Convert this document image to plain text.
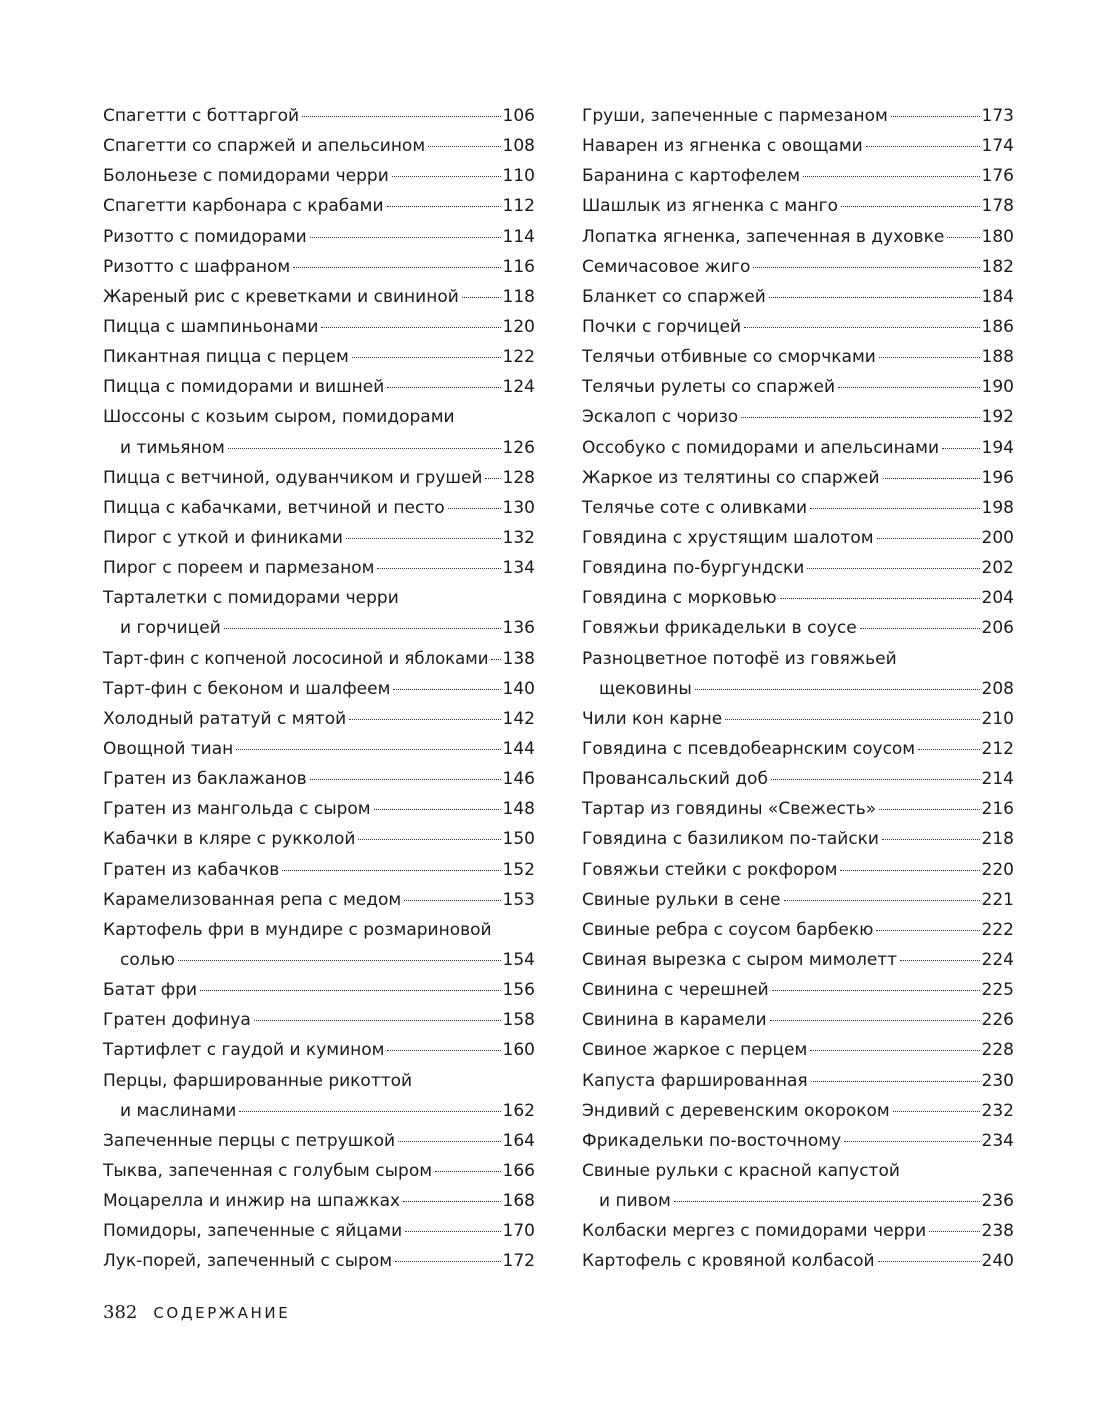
Спагетти с боттаргой	106
Спагетти со спаржей и апельсином	108
Болоньезе с помидорами черри	110
Спагетти карбонара с крабами	112
Ризотто с помидорами	114
Ризотто с шафраном	116
Жареный рис с креветками и свининой	118
Пицца с шампиньонами	120
Пикантная пицца с перцем	122
Пицца с помидорами и вишней	124
Шоссоны с козьим сыром, помидорами
и тимьяном	126
Пицца с ветчиной, одуванчиком и грушей 128
Пицца с кабачками, ветчиной и песто	130
Пирог с уткой и финиками	132
Пирог с пореем и пармезаном	134
Тарталетки с помидорами черри
и горчицей	136
Тарт-фин с копченой лососиной и яблоками 138
Тарт-фин с беконом и шалфеем	140
Холодный рататуй с мятой	142
Овощной тиан	144
Гратен из баклажанов	146
Гратен из мангольда с сыром	148
Кабачки в кляре с рукколой	150
Гратен из кабачков	152
Карамелизованная репа с медом	153
Картофель фри в мундире с розмариновой
солью	154
Батат фри	156
Гратен дофинуа	158
Тартифлет с гаудой и кумином	160
Перцы, фаршированные рикоттой
и маслинами	162
Запеченные перцы с петрушкой	164
Тыква, запеченная с голубым сыром	166
Моцарелла и инжир на шпажках	168
Помидоры, запеченные с яйцами	170
Лук-порей, запеченный с сыром	172
Груши, запеченные с пармезаном	173
Наварен из ягненка с овощами	174
Баранина с картофелем	176
Шашлык из ягненка с манго	178
Лопатка ягненка, запеченная в духовке 180
Семичасовое жиго	182
Бланкет со спаржей	184
Почки с горчицей	186
Телячьи отбивные со сморчками	188
Телячьи рулеты со спаржей	190
Эскалоп с чоризо	192
Оссобуко с помидорами и апельсинами	194
Жаркое из телятины со спаржей	196
Телячье соте с оливками	198
Говядина с хрустящим шалотом	200
Говядина по-бургундски	202
Говядина с морковью	204
Говяжьи фрикадельки в соусе	206
Разноцветное потофё из говяжьей
щековины	208
Чили кон карне	210
Говядина с псевдобеарнским соусом	212
Провансальский доб	214
Тартар из говядины «Свежесть»	216
Говядина с базиликом по-тайски	218
Говяжьи стейки с рокфором	220
Свиные рульки в сене	221
Свиные ребра с соусом барбекю	222
Свиная вырезка с сыром мимолетт	224
Свинина с черешней	225
Свинина в карамели	226
Свиное жаркое с перцем	228
Капуста фаршированная	230
Эндивий с деревенским окороком	232
Фрикадельки по-восточному	234
Свиные рульки с красной капустой
и пивом	236
Колбаски мергез с помидорами черри	238
Картофель с кровяной колбасой	240
382 СОДЕРЖАНИЕ
